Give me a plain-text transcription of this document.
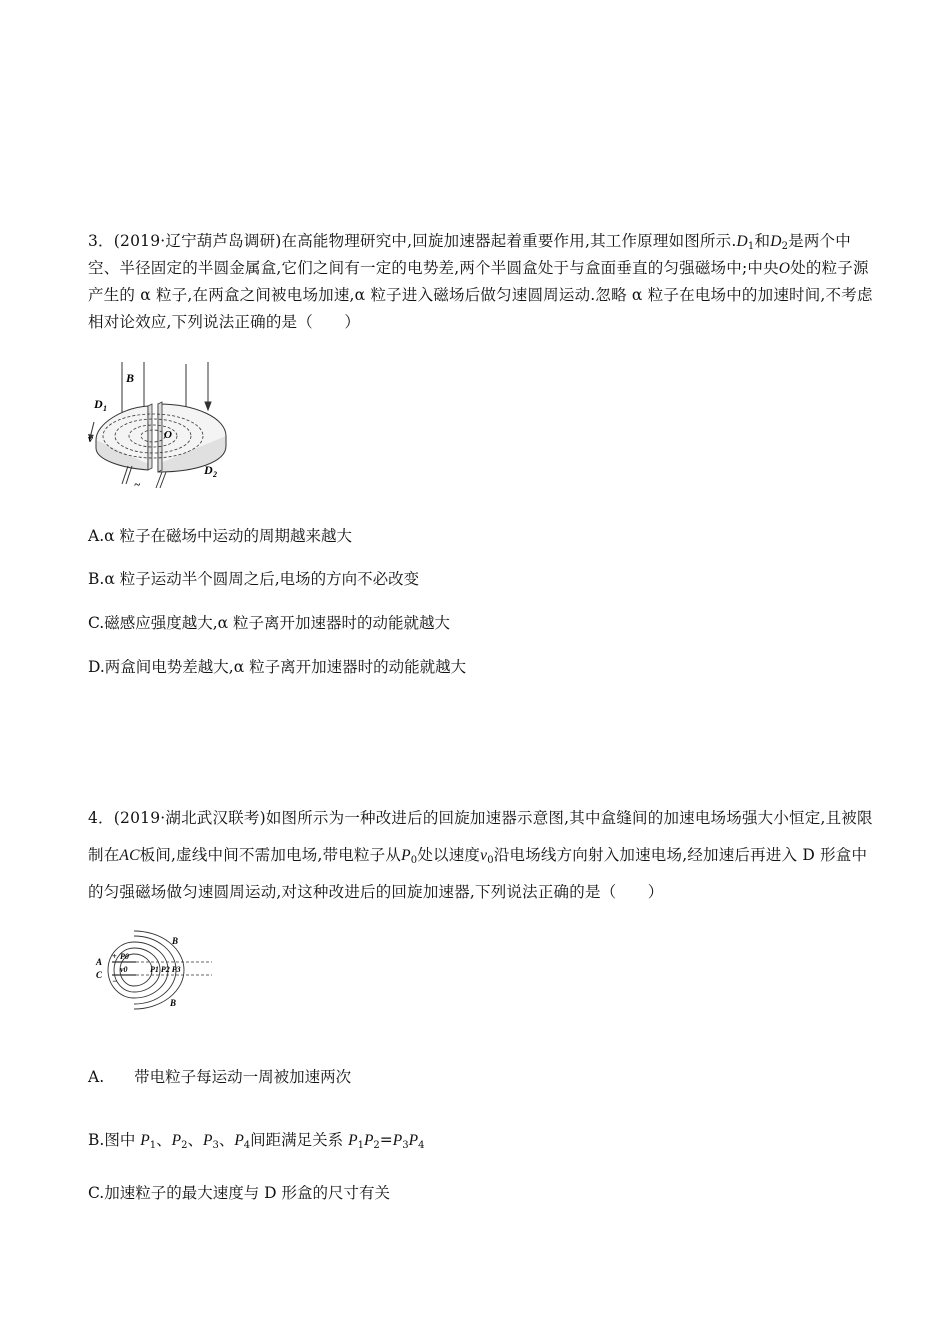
3．(2019·辽宁葫芦岛调研)在高能物理研究中,回旋加速器起着重要作用,其工作原理如图所示$.D_1$和$D_2$是两个中空、半径固定的半圆金属盒,它们之间有一定的电势差,两个半圆盒处于与盒面垂直的匀强磁场中;中央O处的粒子源产生的 α 粒子,在两盒之间被电场加速,α 粒子进入磁场后做匀速圆周运动.忽略 α 粒子在电场中的加速时间,不考虑相对论效应,下列说法正确的是（　　）
B
D 1
v	O
D 2
~
A.α 粒子在磁场中运动的周期越来越大
B.α 粒子运动半个圆周之后,电场的方向不必改变
C.磁感应强度越大,α 粒子离开加速器时的动能就越大
D.两盒间电势差越大,α 粒子离开加速器时的动能就越大
4．(2019·湖北武汉联考)如图所示为一种改进后的回旋加速器示意图,其中盒缝间的加速电场场强大小恒定,且被限制在AC板间,虚线中间不需加电场,带电粒子从$P_0$处以速度$v_0$沿电场线方向射入加速电场,经加速后再进入 D 形盒中的匀强磁场做匀速圆周运动,对这种改进后的回旋加速器,下列说法正确的是（　　）
A
C
+
−
P0
v0	P1 P2 P3
B
B
A. 带电粒子每运动一周被加速两次
B.图中 $P_1$、$P_2$、$P_3$、$P_4$间距满足关系 $P_1P_2=P_3P_4$
C.加速粒子的最大速度与 D 形盒的尺寸有关
